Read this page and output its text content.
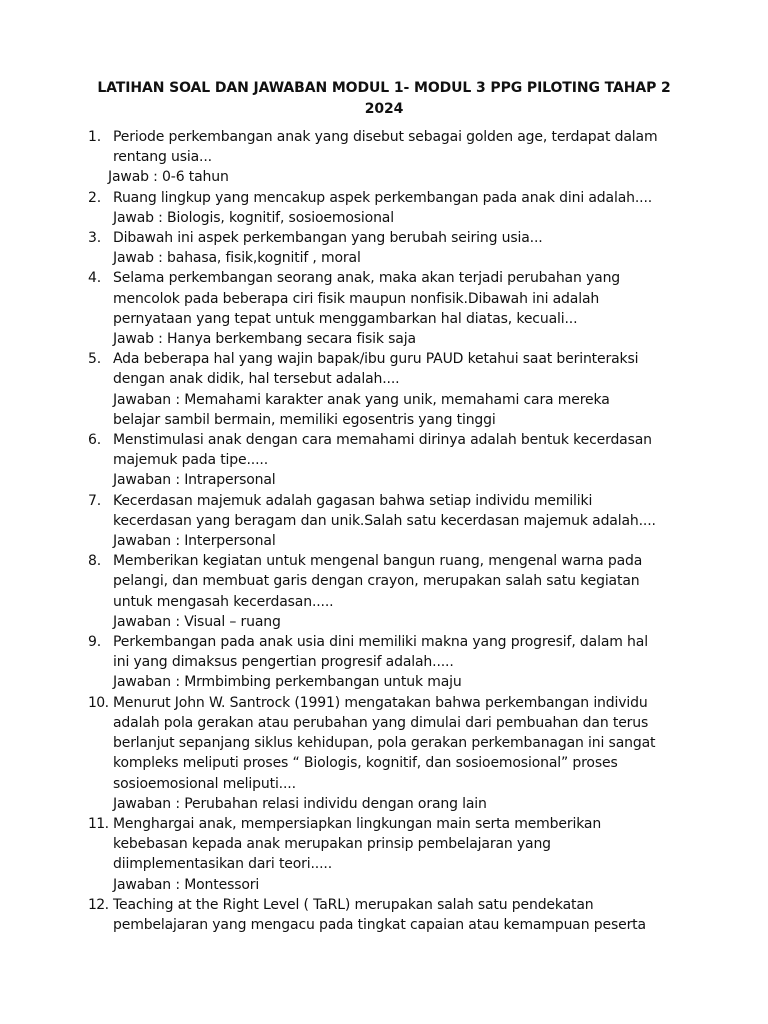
LATIHAN SOAL DAN JAWABAN MODUL 1- MODUL 3 PPG PILOTING TAHAP 2
2024
1. Periode perkembangan anak yang disebut sebagai golden age, terdapat dalam
rentang usia...
Jawab : 0-6 tahun
2. Ruang lingkup yang mencakup aspek perkembangan pada anak dini adalah....
Jawab : Biologis, kognitif, sosioemosional
3. Dibawah ini aspek perkembangan yang berubah seiring usia...
Jawab : bahasa, fisik,kognitif , moral
4. Selama perkembangan seorang anak, maka akan terjadi perubahan yang
mencolok pada beberapa ciri fisik maupun nonfisik.Dibawah ini adalah
pernyataan yang tepat untuk menggambarkan hal diatas, kecuali...
Jawab : Hanya berkembang secara fisik saja
5. Ada beberapa hal yang wajin bapak/ibu guru PAUD ketahui saat berinteraksi
dengan anak didik, hal tersebut adalah....
Jawaban : Memahami karakter anak yang unik, memahami cara mereka
belajar sambil bermain, memiliki egosentris yang tinggi
6. Menstimulasi anak dengan cara memahami dirinya adalah bentuk kecerdasan
majemuk pada tipe.....
Jawaban : Intrapersonal
7. Kecerdasan majemuk adalah gagasan bahwa setiap individu memiliki
kecerdasan yang beragam dan unik.Salah satu kecerdasan majemuk adalah....
Jawaban : Interpersonal
8. Memberikan kegiatan untuk mengenal bangun ruang, mengenal warna pada
pelangi, dan membuat garis dengan crayon, merupakan salah satu kegiatan
untuk mengasah kecerdasan.....
Jawaban : Visual – ruang
9. Perkembangan pada anak usia dini memiliki makna yang progresif, dalam hal
ini yang dimaksus pengertian progresif adalah.....
Jawaban : Mrmbimbing perkembangan untuk maju
10. Menurut John W. Santrock (1991) mengatakan bahwa perkembangan individu
adalah pola gerakan atau perubahan yang dimulai dari pembuahan dan terus
berlanjut sepanjang siklus kehidupan, pola gerakan perkembanagan ini sangat
kompleks meliputi proses “ Biologis, kognitif, dan sosioemosional” proses
sosioemosional meliputi....
Jawaban : Perubahan relasi individu dengan orang lain
11. Menghargai anak, mempersiapkan lingkungan main serta memberikan
kebebasan kepada anak merupakan prinsip pembelajaran yang
diimplementasikan dari teori.....
Jawaban : Montessori
12. Teaching at the Right Level ( TaRL) merupakan salah satu pendekatan
pembelajaran yang mengacu pada tingkat capaian atau kemampuan peserta
